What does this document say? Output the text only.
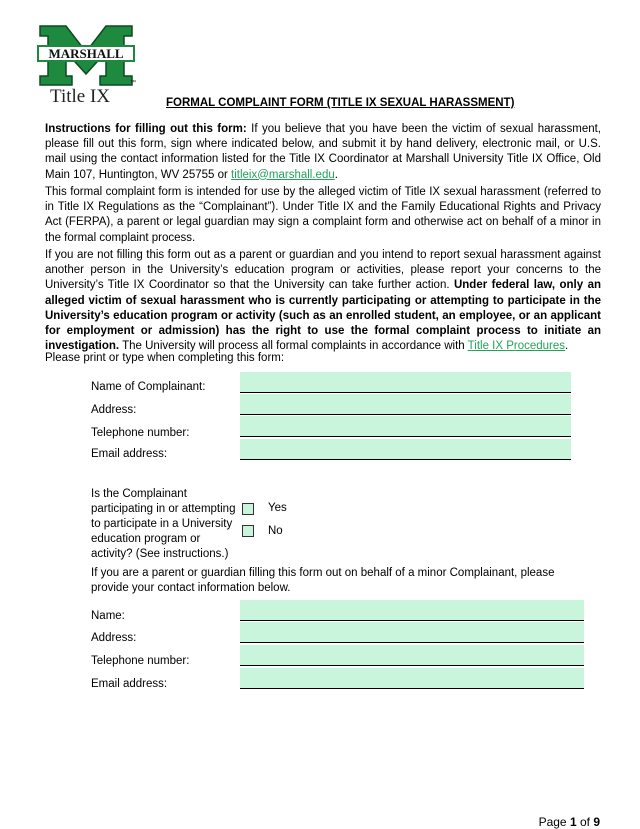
MARSHALL
™
Title IX	FORMAL COMPLAINT FORM (TITLE IX SEXUAL HARASSMENT)
Instructions for filling out this form: If you believe that you have been the victim of sexual harassment, please fill out this form, sign where indicated below, and submit it by hand delivery, electronic mail, or U.S. mail using the contact information listed for the Title IX Coordinator at Marshall University Title IX Office, Old Main 107, Huntington, WV 25755 or titleix@marshall.edu.
This formal complaint form is intended for use by the alleged victim of Title IX sexual harassment (referred to in Title IX Regulations as the “Complainant”). Under Title IX and the Family Educational Rights and Privacy Act (FERPA), a parent or legal guardian may sign a complaint form and otherwise act on behalf of a minor in the formal complaint process.
If you are not filling this form out as a parent or guardian and you intend to report sexual harassment against another person in the University’s education program or activities, please report your concerns to the University’s Title IX Coordinator so that the University can take further action. Under federal law, only an alleged victim of sexual harassment who is currently participating or attempting to participate in the University’s education program or activity (such as an enrolled student, an employee, or an applicant for employment or admission) has the right to use the formal complaint process to initiate an investigation. The University will process all formal complaints in accordance with Title IX Procedures.
Please print or type when completing this form:
Name of Complainant:
Address:
Telephone number:
Email address:
Is the Complainant participating in or attempting to participate in a University education program or activity? (See instructions.)
Yes
No
If you are a parent or guardian filling this form out on behalf of a minor Complainant, please provide your contact information below.
Name:
Address:
Telephone number:
Email address:
Page 1 of 9
